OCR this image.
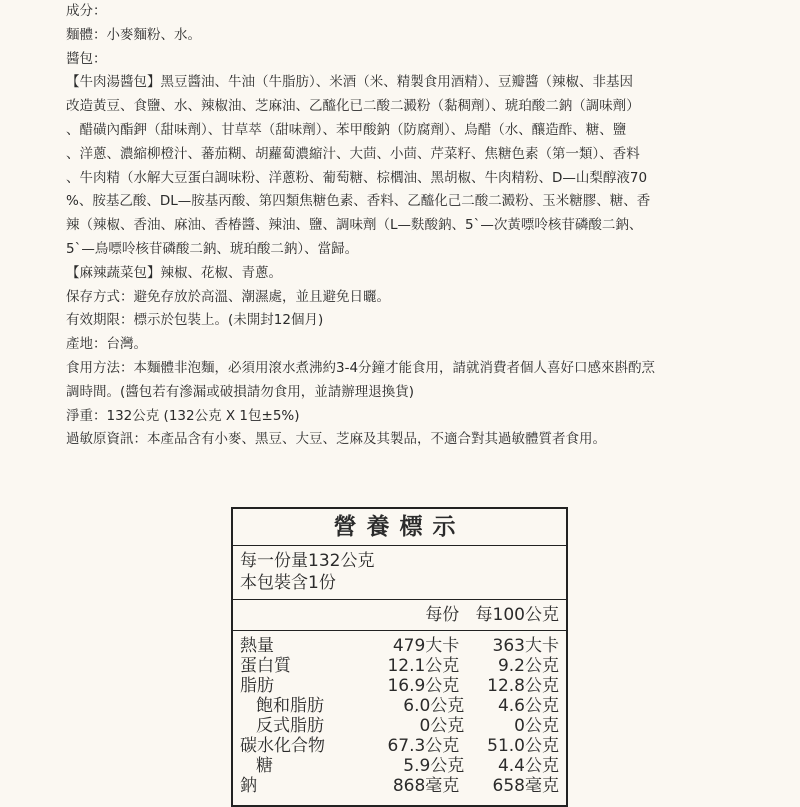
成分：

麵體：小麥麵粉、水。

醬包：

【牛肉湯醬包】黑豆醬油、牛油（牛脂肪）、米酒（米、精製食用酒精）、豆瓣醬（辣椒、非基因

改造黃豆、食鹽、水、辣椒油、芝麻油、乙醯化已二酸二澱粉（黏稠劑）、琥珀酸二鈉（調味劑）

、醋磺內酯鉀（甜味劑）、甘草萃（甜味劑）、苯甲酸鈉（防腐劑）、烏醋（水、釀造酢、糖、鹽

、洋蔥、濃縮柳橙汁、蕃茄糊、胡蘿蔔濃縮汁、大茴、小茴、芹菜籽、焦糖色素（第一類）、香料

、牛肉精（水解大豆蛋白調味粉、洋蔥粉、葡萄糖、棕櫚油、黑胡椒、牛肉精粉、D—山梨醇液70

%、胺基乙酸、DL—胺基丙酸、第四類焦糖色素、香料、乙醯化己二酸二澱粉、玉米糖膠、糖、香

辣（辣椒、香油、麻油、香椿醬、辣油、鹽、調味劑（L—麩酸鈉、5`—次黃嘌呤核苷磷酸二鈉、

5`—鳥嘌呤核苷磷酸二鈉、琥珀酸二鈉）、當歸。

【麻辣蔬菜包】辣椒、花椒、青蔥。

保存方式：避免存放於高溫、潮濕處，並且避免日曬。

有效期限：標示於包裝上。(未開封12個月)

產地：台灣。

食用方法：本麵體非泡麵，必須用滾水煮沸約3-4分鐘才能食用，請就消費者個人喜好口感來斟酌烹

調時間。(醬包若有滲漏或破損請勿食用，並請辦理退換貨)

淨重：132公克 (132公克 X 1包±5%)

過敏原資訊：本產品含有小麥、黑豆、大豆、芝麻及其製品，不適合對其過敏體質者食用。

營養標示
每一份量132公克
本包裝含1份
每份 每100公克
熱量	479大卡	363大卡
蛋白質	12.1公克	9.2公克
脂肪	16.9公克	12.8公克
飽和脂肪	6.0公克	4.6公克
反式脂肪	0公克	0公克
碳水化合物	67.3公克	51.0公克
糖	5.9公克	4.4公克
鈉	868毫克	658毫克
